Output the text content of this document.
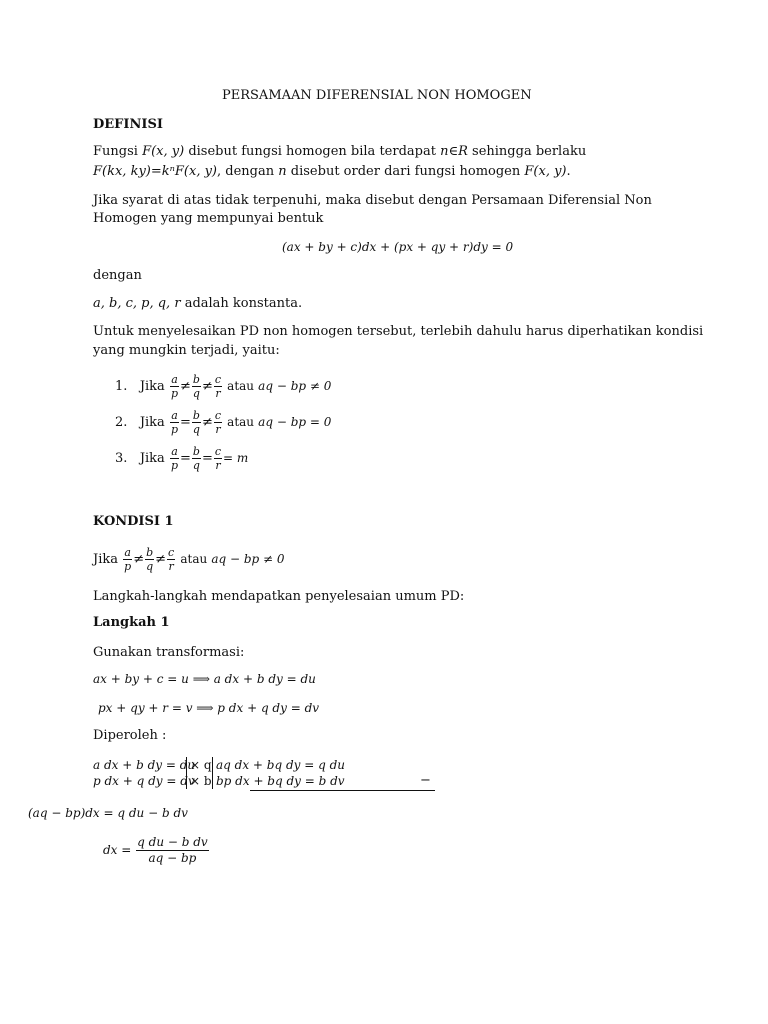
PERSAMAAN DIFERENSIAL NON HOMOGEN
DEFINISI
Fungsi F(x, y) disebut fungsi homogen bila terdapat n∈R sehingga berlaku
F(kx, ky)=kⁿF(x, y), dengan n disebut order dari fungsi homogen F(x, y).
Jika syarat di atas tidak terpenuhi, maka disebut dengan Persamaan Diferensial Non
Homogen yang mempunyai bentuk
(ax + by + c)dx + (px + qy + r)dy = 0
dengan
a, b, c, p, q, r adalah konstanta.
Untuk menyelesaikan PD non homogen tersebut, terlebih dahulu harus diperhatikan kondisi
yang mungkin terjadi, yaitu:
1. Jika $\frac{a}{p} \ne \frac{b}{q} \ne \frac{c}{r}$ atau aq − bp ≠ 0
2. Jika $\frac{a}{p} = \frac{b}{q} \ne \frac{c}{r}$ atau aq − bp = 0
3. Jika $\frac{a}{p} = \frac{b}{q} = \frac{c}{r} = m$
KONDISI 1
Jika $\frac{a}{p} \ne \frac{b}{q} \ne \frac{c}{r}$ atau aq − bp ≠ 0
Langkah-langkah mendapatkan penyelesaian umum PD:
Langkah 1
Gunakan transformasi:
ax + by + c = u ⟹ a dx + b dy = du
px + qy + r = v ⟹ p dx + q dy = dv
Diperoleh :
a dx + b dy = du
p dx + q dy = dv
× q
× b
aq dx + bq dy = q du
bp dx + bq dy = b dv	−
(aq − bp)dx = q du − b dv
dx = $\frac{\text{q du − b dv}}{aq - bp}$
